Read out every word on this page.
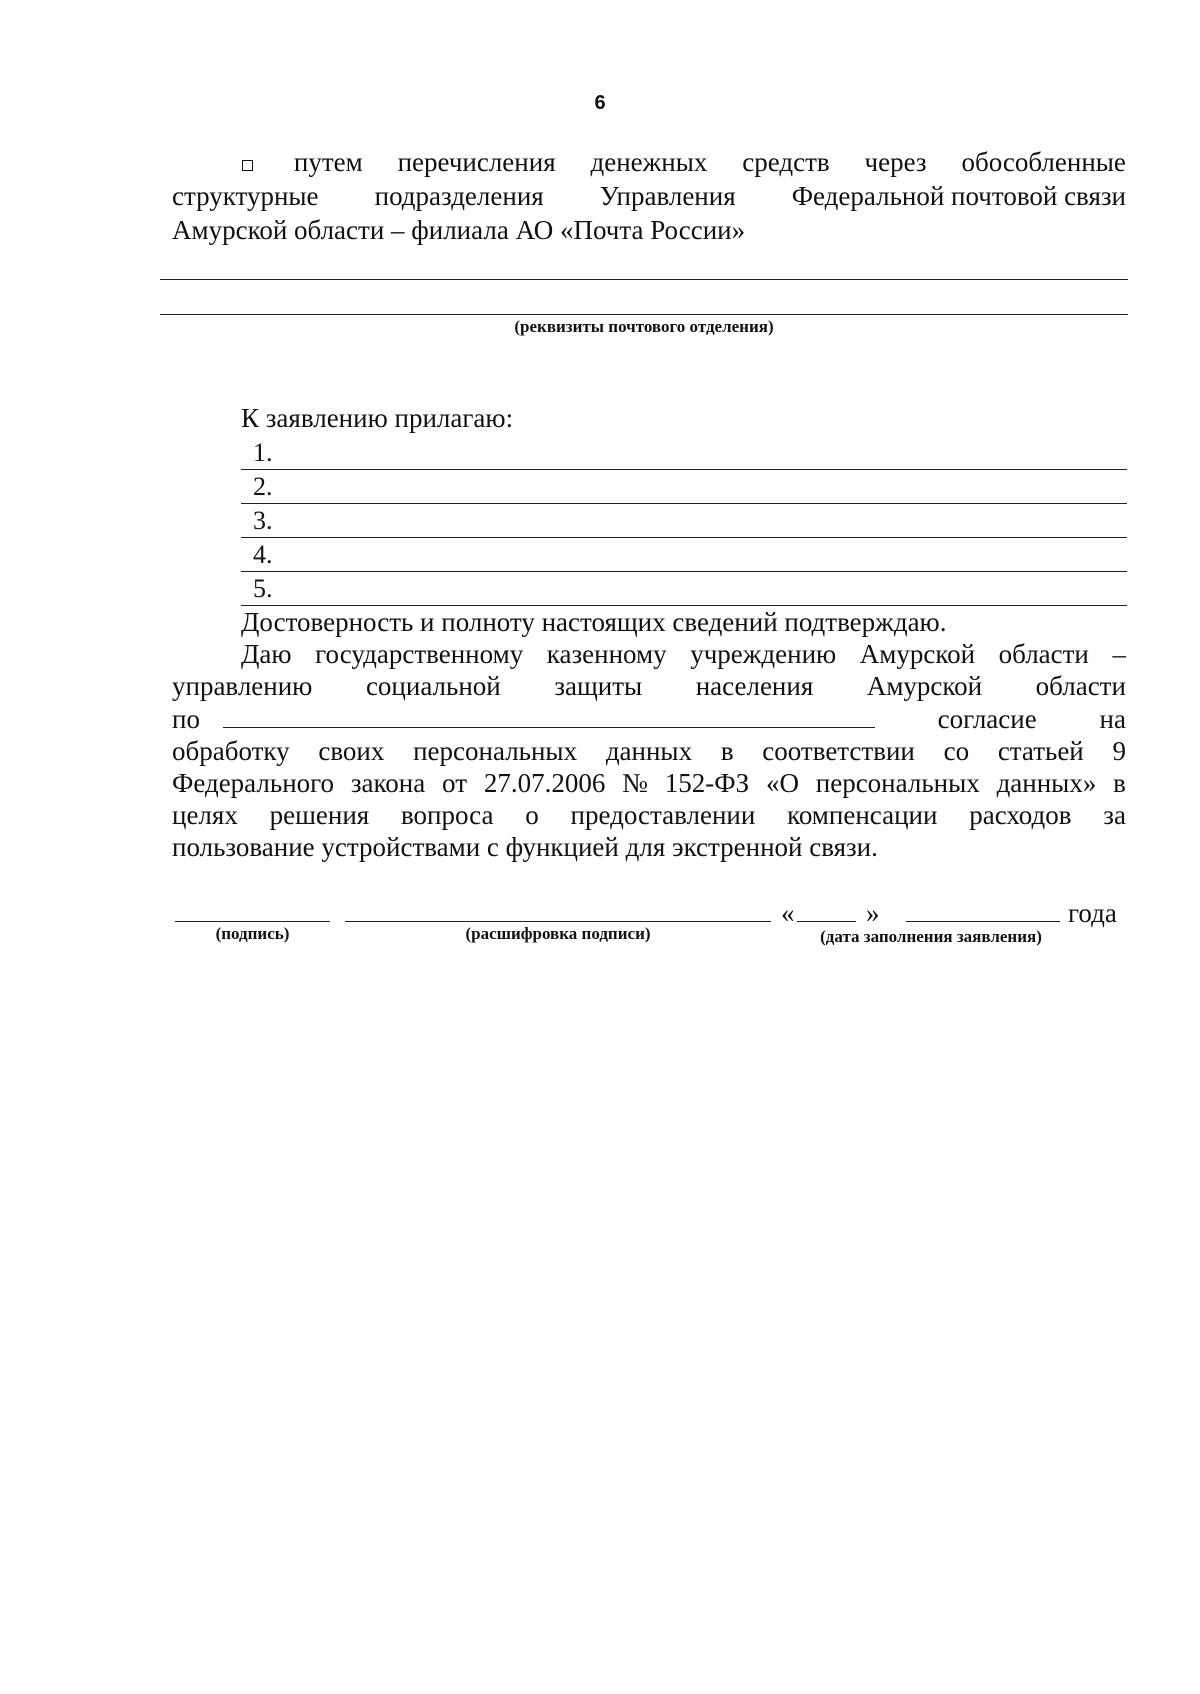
6
путем перечисления денежных средств через обособленные
структурные подразделения Управления Федеральной почтовой связи
Амурской области – филиала АО «Почта России»
(реквизиты почтового отделения)
К заявлению прилагаю:
1.
2.
3.
4.
5.
Достоверность и полноту настоящих сведений подтверждаю.
Даю государственному казенному учреждению Амурской области –
управлению социальной защиты населения Амурской области
по	согласие на
обработку своих персональных данных в соответствии со статьей 9
Федерального закона от 27.07.2006 № 152-ФЗ «О персональных данных» в
целях решения вопроса о предоставлении компенсации расходов за
пользование устройствами с функцией для экстренной связи.
«	»	года
(подпись)	(расшифровка подписи)	(дата заполнения заявления)
